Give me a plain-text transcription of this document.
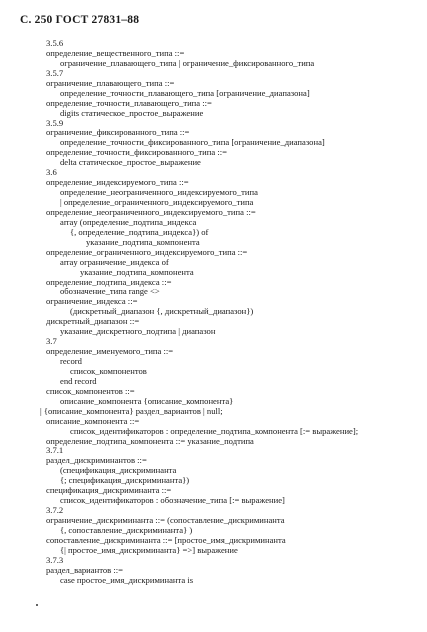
С. 250 ГОСТ 27831–88
3.5.6
определение_вещественного_типа ::=
ограничение_плавающего_типа | ограничение_фиксированного_типа
3.5.7
ограничение_плавающего_типа ::=
определение_точности_плавающего_типа [ограничение_диапазона]
определение_точности_плавающего_типа ::=
digits статическое_простое_выражение
3.5.9
ограничение_фиксированного_типа ::=
определение_точности_фиксированного_типа [ограничение_диапазона]
определение_точности_фиксированного_типа ::=
delta статическое_простое_выражение
3.6
определение_индексируемого_типа ::=
определение_неограниченного_индексируемого_типа
| определение_ограниченного_индексируемого_типа
определение_неограниченного_индексируемого_типа ::=
array (определение_подтипа_индекса
{, определение_подтипа_индекса}) of
указание_подтипа_компонента
определение_ограниченного_индексируемого_типа ::=
array ограничение_индекса of
указание_подтипа_компонента
определение_подтипа_индекса ::=
обозначение_типа range <>
ограничение_индекса ::=
(дискретный_диапазон {, дискретный_диапазон})
дискретный_диапазон ::=
указание_дискретного_подтипа | диапазон
3.7
определение_именуемого_типа ::=
record
список_компонентов
end record
список_компонентов ::=
описание_компонента {описание_компонента}
| {описание_компонента} раздел_вариантов | null;
описание_компонента ::=
список_идентификаторов : определение_подтипа_компонента [:= выражение];
определение_подтипа_компонента ::= указание_подтипа
3.7.1
раздел_дискриминантов ::=
(спецификация_дискриминанта
{; спецификация_дискриминанта})
спецификация_дискриминанта ::=
список_идентификаторов : обозначение_типа [:= выражение]
3.7.2
ограничение_дискриминанта ::= (сопоставление_дискриминанта
{, сопоставление_дискриминанта} )
сопоставление_дискриминанта ::= [простое_имя_дискриминанта
{| простое_имя_дискриминанта} =>] выражение
3.7.3
раздел_вариантов ::=
case простое_имя_дискриминанта is
